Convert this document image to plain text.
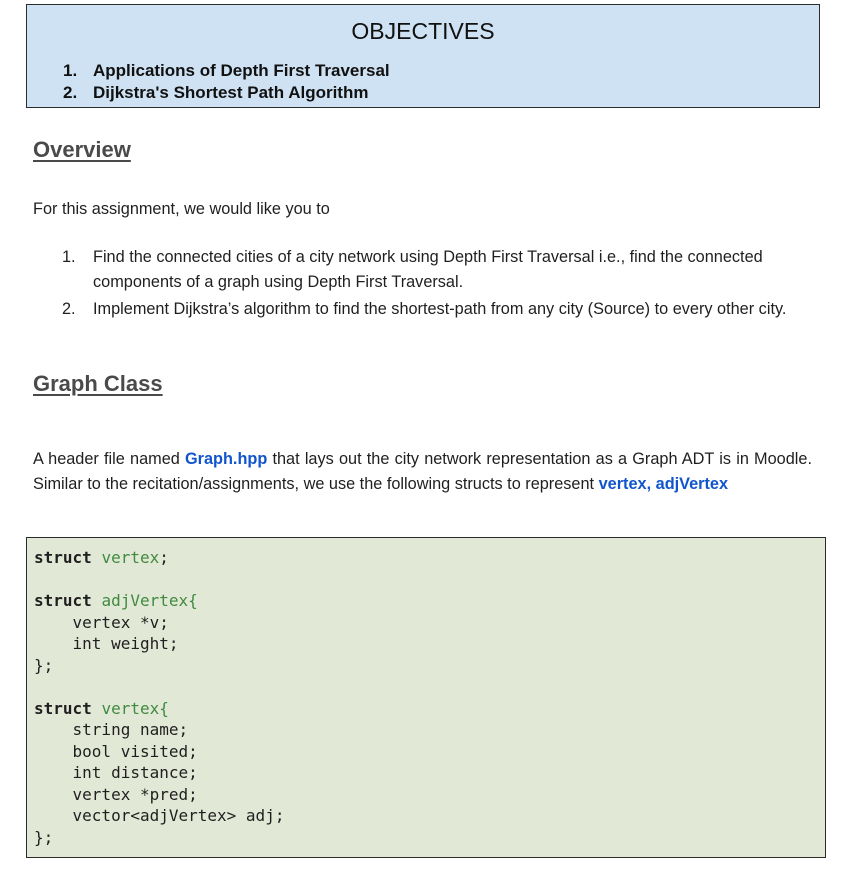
OBJECTIVES
1. Applications of Depth First Traversal
2. Dijkstra's Shortest Path Algorithm
Overview
For this assignment, we would like you to
1. Find the connected cities of a city network using Depth First Traversal i.e., find the connected components of a graph using Depth First Traversal.
2. Implement Dijkstra’s algorithm to find the shortest-path from any city (Source) to every other city.
Graph Class
A header file named Graph.hpp that lays out the city network representation as a Graph ADT is in Moodle. Similar to the recitation/assignments, we use the following structs to represent vertex, adjVertex
struct vertex;

struct adjVertex{
vertex *v;
int weight;
};

struct vertex{
string name;
bool visited;
int distance;
vertex *pred;
vector<adjVertex> adj;
};
